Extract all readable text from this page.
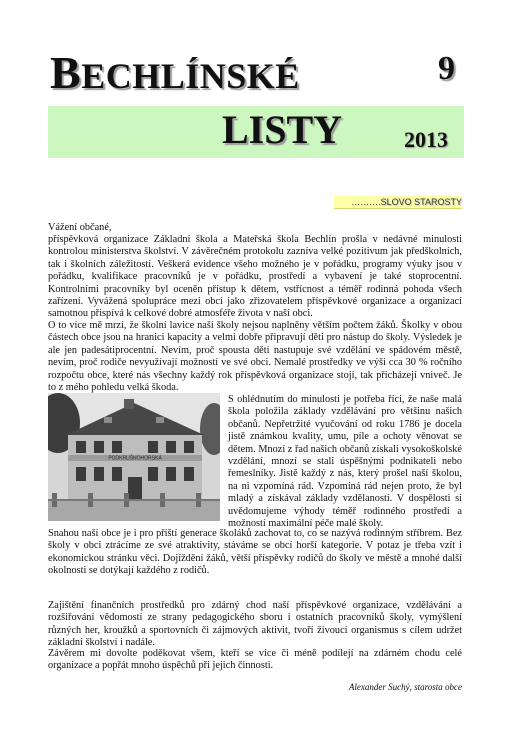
BECHLÍNSKÉ	9
LISTY	2013
……….SLOVO STAROSTY

Vážení občané,

příspěvková organizace Základní škola a Mateřská škola Bechlín prošla v nedávné minulosti kontrolou ministerstva školství. V závěrečném protokolu zazníva velké pozitivum jak předškolních, tak i školních záležitostí. Veškerá evidence všeho možného je v pořádku, programy výuky jsou v pořádku, kvalifikace pracovníků je v pořádku, prostředí a vybavení je také stoprocentní. Kontrolními pracovníky byl oceněn přístup k dětem, vstřícnost a téměř rodinná pohoda všech zařízení. Vyvážená spolupráce mezi obcí jako zřizovatelem příspěvkové organizace a organizací samotnou přispívá k celkové dobré atmosféře života v naší obci.

O to více mě mrzí, že školní lavice naší školy nejsou naplněny větším počtem žáků. Školky v obou částech obce jsou na hranici kapacity a velmi dobře připravují děti pro nástup do školy. Výsledek je ale jen padesátiprocentní. Nevím, proč spousta dětí nastupuje své vzdělání ve spádovém městě, nevím, proč rodiče nevyužívají možností ve své obci. Nemalé prostředky ve výši cca 30 % ročního rozpočtu obce, které nás všechny každý rok příspěvková organizace stojí, tak přicházejí vniveč. Je to z mého pohledu velká škoda.

PODKRUŠNOHORSKÁ

S ohlédnutím do minulosti je potřeba říci, že naše malá škola položila základy vzdělávání pro většinu našich občanů. Nepřetržité vyučování od roku 1786 je docela jistě známkou kvality, umu, píle a ochoty věnovat se dětem. Mnozí z řad našich občanů získali vysokoškolské vzdělání, mnozí se stali úspěšnými podnikateli nebo řemeslníky. Jistě každý z nás, který prošel naší školou, na ni vzpomíná rád. Vzpomíná rád nejen proto, že byl mladý a získával základy vzdělanosti. V dospělosti si uvědomujeme výhody téměř rodinného prostředí a možností maximální péče malé školy.

Snahou naší obce je i pro příští generace školáků zachovat to, co se nazývá rodinným stříbrem. Bez školy v obci ztrácíme ze své atraktivity, stáváme se obcí horší kategorie. V potaz je třeba vzít i ekonomickou stránku věci. Dojíždění žáků, větší příspěvky rodičů do školy ve městě a mnohé další okolnosti se dotýkají každého z rodičů.

Zajištění finančních prostředků pro zdárný chod naší příspěvkové organizace, vzdělávání a rozšiřování vědomostí ze strany pedagogického sboru i ostatních pracovníků školy, vymýšlení různých her, kroužků a sportovních či zájmových aktivit, tvoří živoucí organismus s cílem udržet základní školství i nadále.

Závěrem mi dovolte poděkovat všem, kteří se více či méně podílejí na zdárném chodu celé organizace a popřát mnoho úspěchů při jejich činnosti.

Alexander Suchý, starosta obce
